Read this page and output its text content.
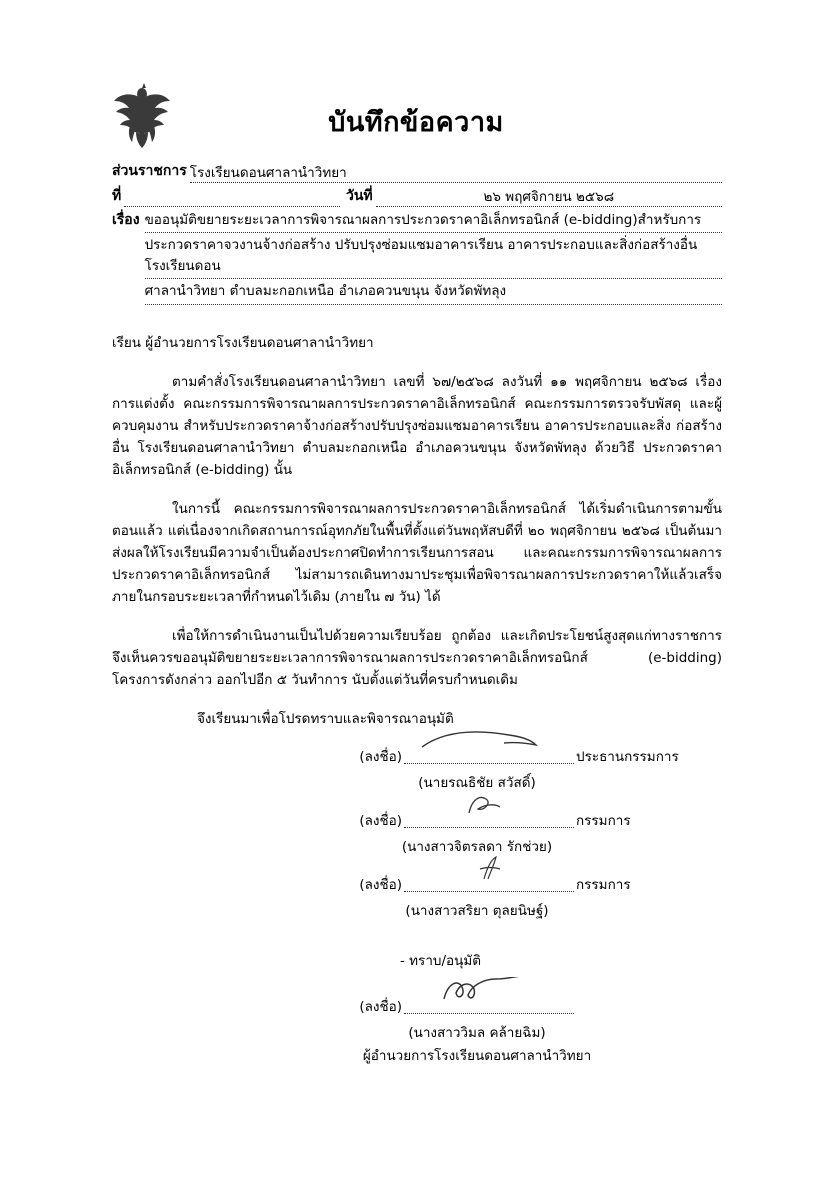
บันทึกข้อความ
ส่วนราชการ โรงเรียนดอนศาลานำวิทยา
ที่	วันที่	๒๖ พฤศจิกายน ๒๕๖๘
เรื่อง ขออนุมัติขยายระยะเวลาการพิจารณาผลการประกวดราคาอิเล็กทรอนิกส์ (e-bidding)สำหรับการ
ประกวดราคาจวงานจ้างก่อสร้าง ปรับปรุงซ่อมแซมอาคารเรียน อาคารประกอบและสิ่งก่อสร้างอื่น โรงเรียนดอน
ศาลานำวิทยา ตำบลมะกอกเหนือ อำเภอควนขนุน จังหวัดพัทลุง
เรียน ผู้อำนวยการโรงเรียนดอนศาลานำวิทยา

ตามคำสั่งโรงเรียนดอนศาลานำวิทยา เลขที่ ๖๗/๒๕๖๘ ลงวันที่ ๑๑ พฤศจิกายน ๒๕๖๘ เรื่อง การแต่งตั้ง คณะกรรมการพิจารณาผลการประกวดราคาอิเล็กทรอนิกส์ คณะกรรมการตรวจรับพัสดุ และผู้ควบคุมงาน สำหรับประกวดราคาจ้างก่อสร้างปรับปรุงซ่อมแซมอาคารเรียน อาคารประกอบและสิ่ง ก่อสร้างอื่น โรงเรียนดอนศาลานำวิทยา ตำบลมะกอกเหนือ อำเภอควนขนุน จังหวัดพัทลุง ด้วยวิธี ประกวดราคาอิเล็กทรอนิกส์ (e-bidding) นั้น

ในการนี้ คณะกรรมการพิจารณาผลการประกวดราคาอิเล็กทรอนิกส์ ได้เริ่มดำเนินการตามขั้นตอนแล้ว แต่เนื่องจากเกิดสถานการณ์อุทกภัยในพื้นที่ตั้งแต่วันพฤหัสบดีที่ ๒๐ พฤศจิกายน ๒๕๖๘ เป็นต้นมา ส่งผลให้โรงเรียนมีความจำเป็นต้องประกาศปิดทำการเรียนการสอน และคณะกรรมการพิจารณาผลการประกวดราคาอิเล็กทรอนิกส์ ไม่สามารถเดินทางมาประชุมเพื่อพิจารณาผลการประกวดราคาให้แล้วเสร็จภายในกรอบระยะเวลาที่กำหนดไว้เดิม (ภายใน ๗ วัน) ได้

เพื่อให้การดำเนินงานเป็นไปด้วยความเรียบร้อย ถูกต้อง และเกิดประโยชน์สูงสุดแก่ทางราชการ จึงเห็นควรขออนุมัติขยายระยะเวลาการพิจารณาผลการประกวดราคาอิเล็กทรอนิกส์ (e-bidding) โครงการดังกล่าว ออกไปอีก ๕ วันทำการ นับตั้งแต่วันที่ครบกำหนดเดิม

จึงเรียนมาเพื่อโปรดทราบและพิจารณาอนุมัติ
(ลงชื่อ)	ประธานกรรมการ
(นายรณธิชัย สวัสดิ์)
(ลงชื่อ)	กรรมการ
(นางสาวจิตรลดา รักช่วย)
(ลงชื่อ)	กรรมการ
(นางสาวสริยา ตุลยนิษฐ์)
- ทราบ/อนุมัติ
(ลงชื่อ)
(นางสาววิมล คล้ายฉิม)
ผู้อำนวยการโรงเรียนดอนศาลานำวิทยา
